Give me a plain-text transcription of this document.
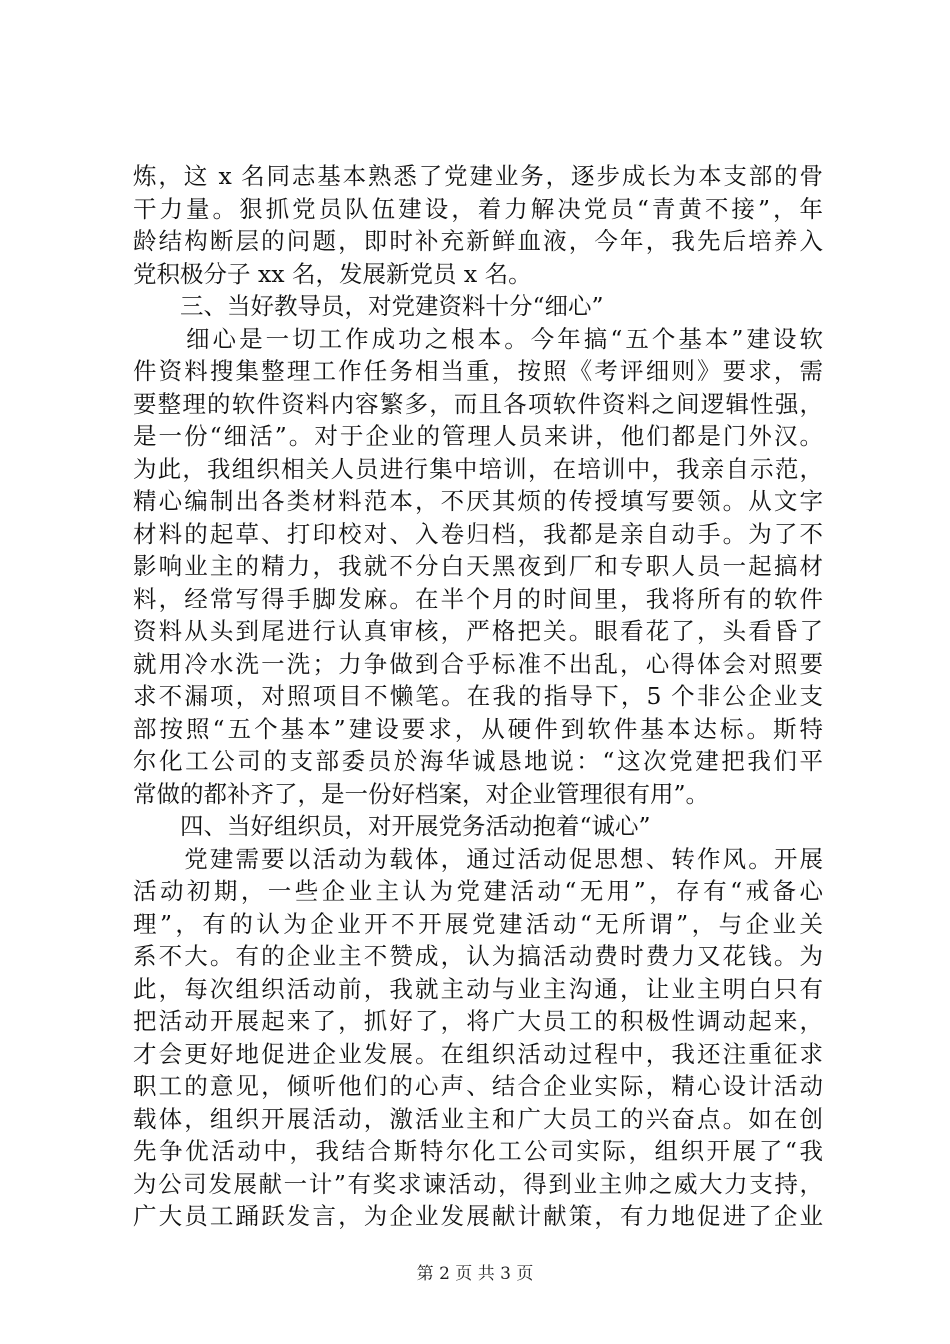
炼，这 x 名同志基本熟悉了党建业务，逐步成长为本支部的骨
干力量。狠抓党员队伍建设，着力解决党员“青黄不接”，年
龄结构断层的问题，即时补充新鲜血液，今年，我先后培养入
党积极分子 xx 名，发展新党员 x 名。
　　三、当好教导员，对党建资料十分“细心”
　　细心是一切工作成功之根本。今年搞“五个基本”建设软
件资料搜集整理工作任务相当重，按照《考评细则》要求，需
要整理的软件资料内容繁多，而且各项软件资料之间逻辑性强，
是一份“细活”。对于企业的管理人员来讲，他们都是门外汉。
为此，我组织相关人员进行集中培训，在培训中，我亲自示范，
精心编制出各类材料范本，不厌其烦的传授填写要领。从文字
材料的起草、打印校对、入卷归档，我都是亲自动手。为了不
影响业主的精力，我就不分白天黑夜到厂和专职人员一起搞材
料，经常写得手脚发麻。在半个月的时间里，我将所有的软件
资料从头到尾进行认真审核，严格把关。眼看花了，头看昏了
就用冷水洗一洗；力争做到合乎标准不出乱，心得体会对照要
求不漏项，对照项目不懒笔。在我的指导下，5 个非公企业支
部按照“五个基本”建设要求，从硬件到软件基本达标。斯特
尔化工公司的支部委员於海华诚恳地说：“这次党建把我们平
常做的都补齐了，是一份好档案，对企业管理很有用”。
　　四、当好组织员，对开展党务活动抱着“诚心”
　　党建需要以活动为载体，通过活动促思想、转作风。开展
活动初期，一些企业主认为党建活动“无用”，存有“戒备心
理”，有的认为企业开不开展党建活动“无所谓”，与企业关
系不大。有的企业主不赞成，认为搞活动费时费力又花钱。为
此，每次组织活动前，我就主动与业主沟通，让业主明白只有
把活动开展起来了，抓好了，将广大员工的积极性调动起来，
才会更好地促进企业发展。在组织活动过程中，我还注重征求
职工的意见，倾听他们的心声、结合企业实际，精心设计活动
载体，组织开展活动，激活业主和广大员工的兴奋点。如在创
先争优活动中，我结合斯特尔化工公司实际，组织开展了“我
为公司发展献一计”有奖求谏活动，得到业主帅之威大力支持，
广大员工踊跃发言，为企业发展献计献策，有力地促进了企业
第 2 页 共 3 页
